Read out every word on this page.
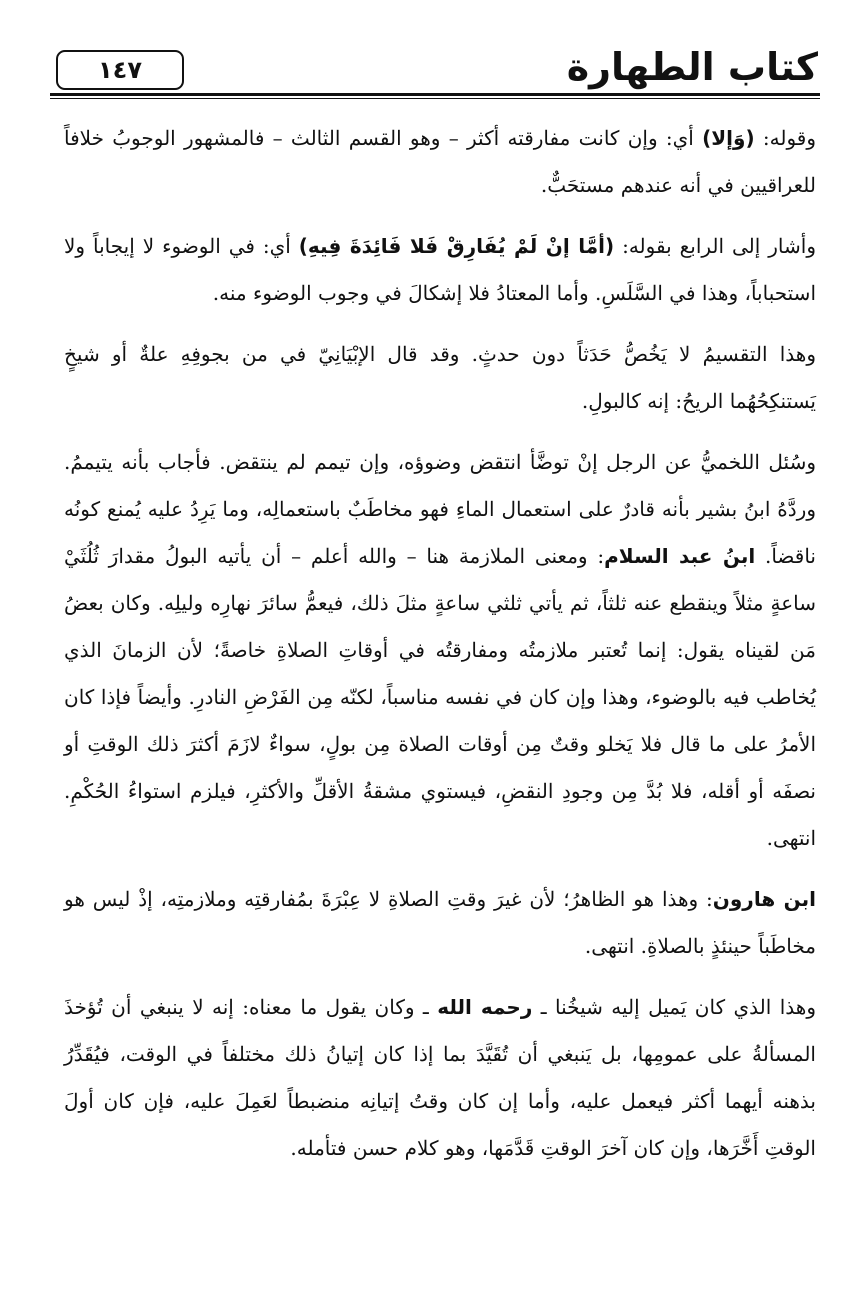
١٤٧	كتاب الطهارة

وقوله: (وَإلا) أي: وإن كانت مفارقته أكثر – وهو القسم الثالث – فالمشهور الوجوبُ خلافاً للعراقيين في أنه عندهم مستحَبٌّ.

وأشار إلى الرابع بقوله: (أمَّا إنْ لَمْ يُفَارِقْ فَلا فَائِدَةَ فِيهِ) أي: في الوضوء لا إيجاباً ولا استحباباً، وهذا في السَّلَسِ. وأما المعتادُ فلا إشكالَ في وجوب الوضوء منه.

وهذا التقسيمُ لا يَخُصُّ حَدَثاً دون حدثٍ. وقد قال الإبْيَانِيّ في من بجوفِهِ علةٌ أو شيخٍ يَستنكِحُهُما الريحُ: إنه كالبولِ.

وسُئل اللخميُّ عن الرجل إنْ توضَّأ انتقض وضوؤه، وإن تيمم لم ينتقض. فأجاب بأنه يتيممُ. وردَّهُ ابنُ بشير بأنه قادرٌ على استعمال الماءِ فهو مخاطَبٌ باستعمالِه، وما يَرِدُ عليه يُمنع كونُه ناقضاً. ابنُ عبد السلام: ومعنى الملازمة هنا – والله أعلم – أن يأتيه البولُ مقدارَ ثُلُثَيْ ساعةٍ مثلاً وينقطع عنه ثلثاً، ثم يأتي ثلثي ساعةٍ مثلَ ذلك، فيعمُّ سائرَ نهارِه وليلِه. وكان بعضُ مَن لقيناه يقول: إنما تُعتبر ملازمتُه ومفارقتُه في أوقاتِ الصلاةِ خاصةً؛ لأن الزمانَ الذي يُخاطب فيه بالوضوء، وهذا وإن كان في نفسه مناسباً، لكنّه مِن الفَرْضِ النادرِ. وأيضاً فإذا كان الأمرُ على ما قال فلا يَخلو وقتٌ مِن أوقات الصلاة مِن بولٍ، سواءٌ لازَمَ أكثرَ ذلك الوقتِ أو نصفَه أو أقله، فلا بُدَّ مِن وجودِ النقضِ، فيستوي مشقةُ الأقلِّ والأكثرِ، فيلزم استواءُ الحُكْمِ. انتهى.

ابن هارون: وهذا هو الظاهرُ؛ لأن غيرَ وقتِ الصلاةِ لا عِبْرَةَ بمُفارقتِه وملازمتِه، إذْ ليس هو مخاطَباً حينئذٍ بالصلاةِ. انتهى.

وهذا الذي كان يَميل إليه شيخُنا ـ رحمه الله ـ وكان يقول ما معناه: إنه لا ينبغي أن تُؤخذَ المسألةُ على عمومِها، بل يَنبغي أن تُقَيَّدَ بما إذا كان إتيانُ ذلك مختلفاً في الوقت، فيُقَدِّرُ بذهنه أيهما أكثر فيعمل عليه، وأما إن كان وقتُ إتيانِه منضبطاً لعَمِلَ عليه، فإن كان أولَ الوقتِ أَخَّرَها، وإن كان آخرَ الوقتِ قَدَّمَها، وهو كلام حسن فتأمله.
